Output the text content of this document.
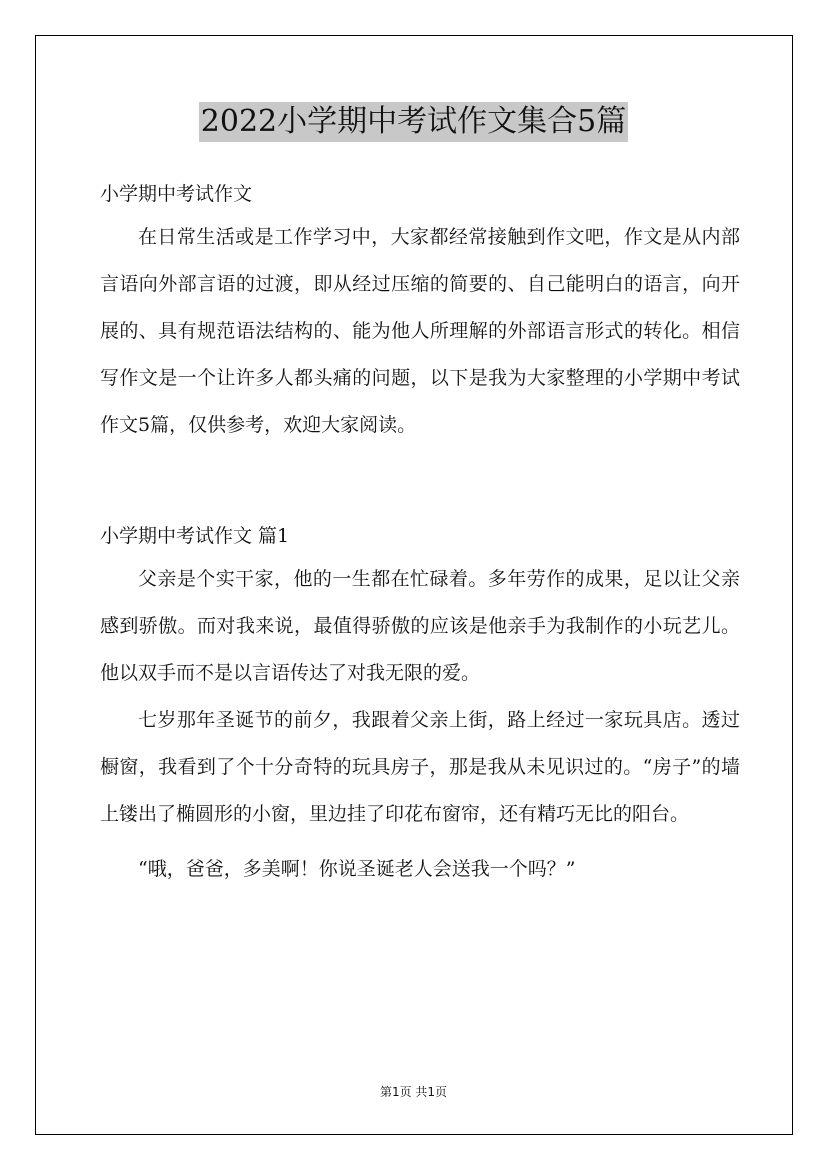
2022小学期中考试作文集合5篇

小学期中考试作文

在日常生活或是工作学习中，大家都经常接触到作文吧，作文是从内部言语向外部言语的过渡，即从经过压缩的简要的、自己能明白的语言，向开展的、具有规范语法结构的、能为他人所理解的外部语言形式的转化。相信写作文是一个让许多人都头痛的问题，以下是我为大家整理的小学期中考试作文5篇，仅供参考，欢迎大家阅读。

小学期中考试作文 篇1

父亲是个实干家，他的一生都在忙碌着。多年劳作的成果，足以让父亲感到骄傲。而对我来说，最值得骄傲的应该是他亲手为我制作的小玩艺儿。他以双手而不是以言语传达了对我无限的爱。

七岁那年圣诞节的前夕，我跟着父亲上街，路上经过一家玩具店。透过橱窗，我看到了个十分奇特的玩具房子，那是我从未见识过的。“房子”的墙上镂出了椭圆形的小窗，里边挂了印花布窗帘，还有精巧无比的阳台。

“哦，爸爸，多美啊！你说圣诞老人会送我一个吗？”

第1页 共1页
